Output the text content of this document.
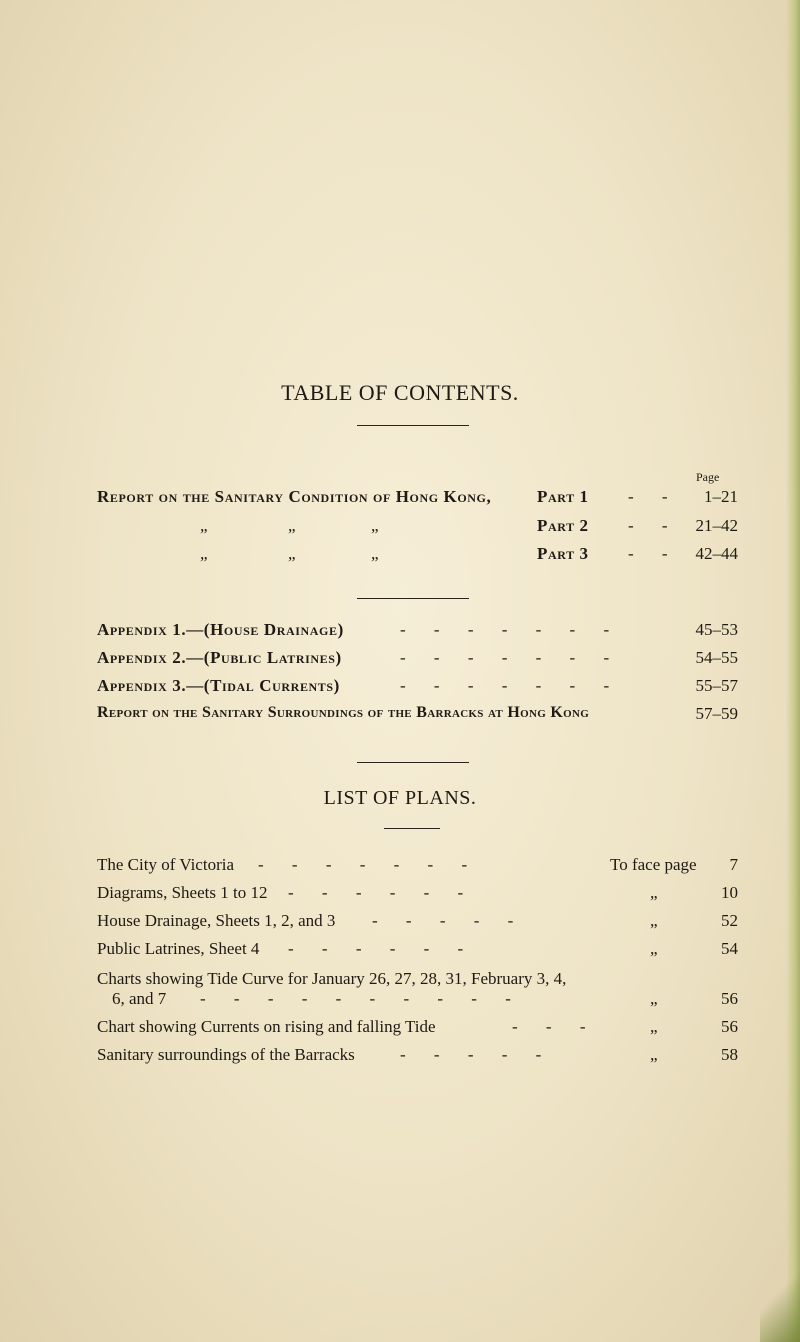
TABLE OF CONTENTS.
Page
Report on the Sanitary Condition of Hong Kong,	Part 1 - -	1–21
„	„	„	Part 2 - - 21–42
„	„	„	Part 3 - - 42–44
Appendix 1.—(House Drainage)	- - - - - - -	45–53
Appendix 2.—(Public Latrines)	- - - - - - -	54–55
Appendix 3.—(Tidal Currents)	- - - - - - -	55–57
Report on the Sanitary Surroundings of the Barracks at Hong Kong	57–59
LIST OF PLANS.
The City of Victoria - - - - - - -	To face page	7
Diagrams, Sheets 1 to 12 - - - - - -	„	10
House Drainage, Sheets 1, 2, and 3 - - - - -	„	52
Public Latrines, Sheet 4 - - - - - -	„	54
Charts showing Tide Curve for January 26, 27, 28, 31, February 3, 4,
6, and 7 - - - - - - - - - -	„	56
Chart showing Currents on rising and falling Tide	- - -	„	56
Sanitary surroundings of the Barracks	- - - - -	„	58
